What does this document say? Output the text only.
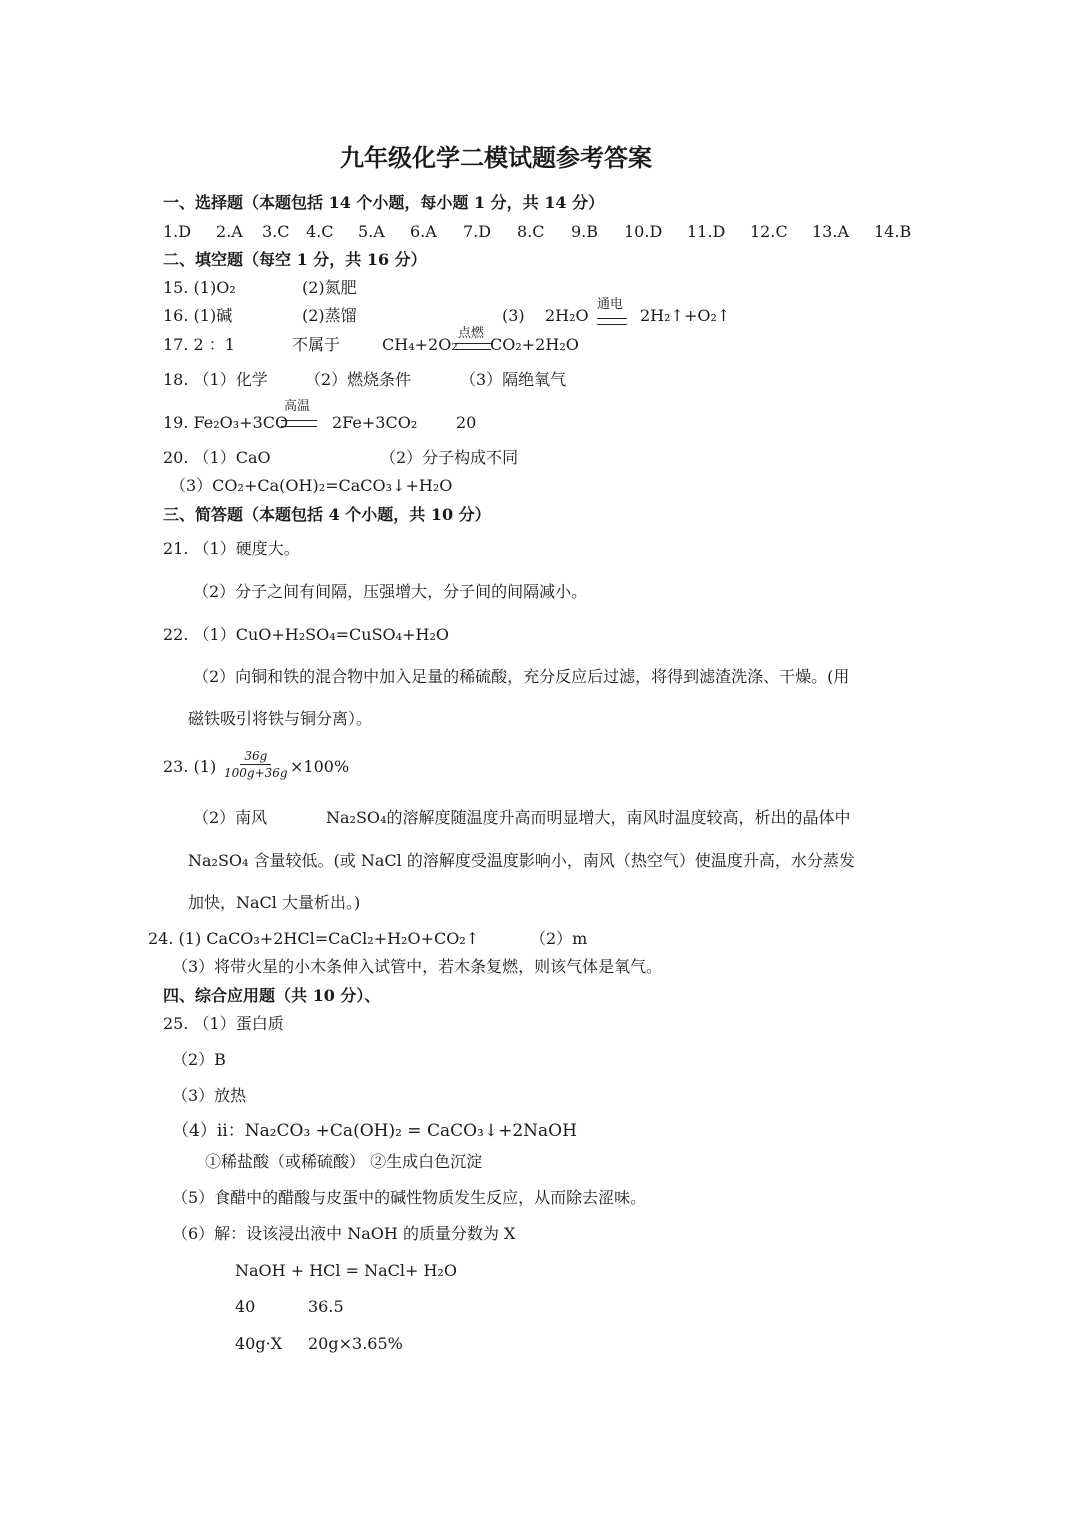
九年级化学二模试题参考答案
一、选择题（本题包括 14 个小题，每小题 1 分，共 14 分）
1.D 2.A 3.C 4.C 5.A 6.A 7.D 8.C 9.B 10.D 11.D 12.C 13.A 14.B
二、填空题（每空 1 分，共 16 分）
15. (1)O₂	(2)氮肥
16. (1)碱	(2)蒸馏	(3) 2H₂O
通电
2H₂↑+O₂↑
17. 2 ：1	不属于	CH₄+2O₂
点燃
CO₂+2H₂O
18. （1）化学 （2）燃烧条件	（3）隔绝氧气
高温
19. Fe₂O₃+3CO	2Fe+3CO₂ 20
20. （1）CaO	（2）分子构成不同
（3）CO₂+Ca(OH)₂=CaCO₃↓+H₂O
三、简答题（本题包括 4 个小题，共 10 分）
21. （1）硬度大。
（2）分子之间有间隔，压强增大，分子间的间隔减小。
22. （1）CuO+H₂SO₄=CuSO₄+H₂O
（2）向铜和铁的混合物中加入足量的稀硫酸，充分反应后过滤，将得到滤渣洗涤、干燥。(用
磁铁吸引将铁与铜分离）。
23. $(1) \frac{36g}{100g+36g} \times 100\%$
（2）南风	Na₂SO₄的溶解度随温度升高而明显增大，南风时温度较高，析出的晶体中
Na₂SO₄ 含量较低。(或 NaCl 的溶解度受温度影响小，南风（热空气）使温度升高，水分蒸发
加快，NaCl 大量析出。)
24. (1) CaCO₃+2HCl=CaCl₂+H₂O+CO₂↑	（2）m
（3）将带火星的小木条伸入试管中，若木条复燃，则该气体是氧气。
四、综合应用题（共 10 分）、
25. （1）蛋白质
（2）B
（3）放热
（4）ⅱ：Na₂CO₃ +Ca(OH)₂ = CaCO₃↓+2NaOH
①稀盐酸（或稀硫酸） ②生成白色沉淀
（5）食醋中的醋酸与皮蛋中的碱性物质发生反应，从而除去涩味。
（6）解：设该浸出液中 NaOH 的质量分数为 X
NaOH + HCl = NaCl+ H₂O
40	36.5
40g·X 20g×3.65%
